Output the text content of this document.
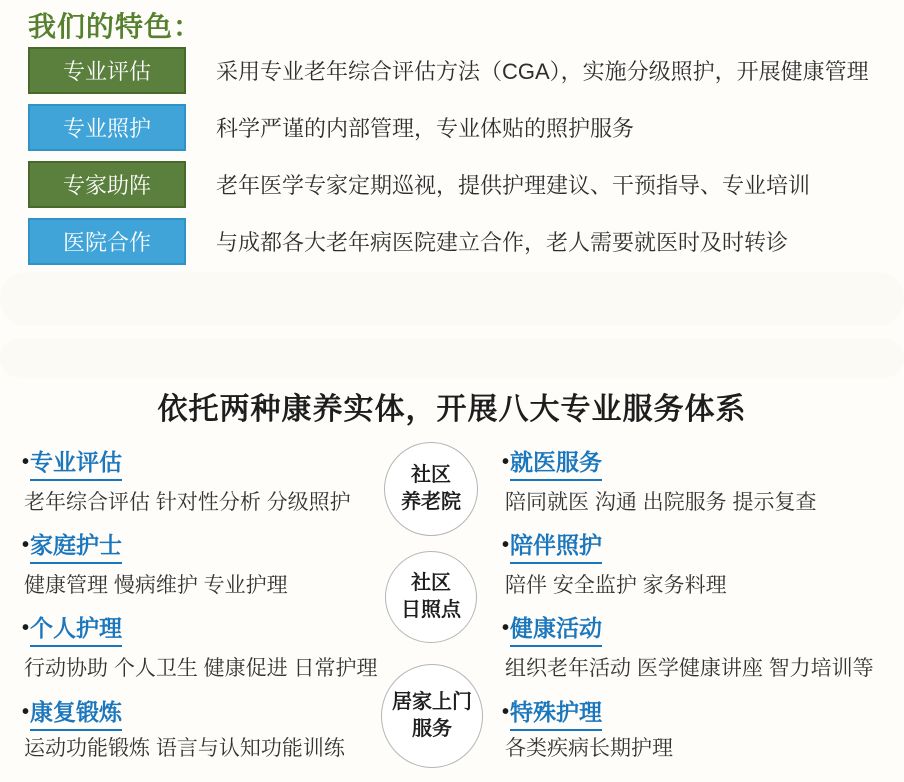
我们的特色：
专业评估	采用专业老年综合评估方法（CGA），实施分级照护，开展健康管理
专业照护	科学严谨的内部管理，专业体贴的照护服务
专家助阵	老年医学专家定期巡视，提供护理建议、干预指导、专业培训
医院合作	与成都各大老年病医院建立合作，老人需要就医时及时转诊
依托两种康养实体，开展八大专业服务体系
•专业评估
老年综合评估 针对性分析 分级照护
•家庭护士
健康管理 慢病维护 专业护理
•个人护理
行动协助 个人卫生 健康促进 日常护理
•康复锻炼
运动功能锻炼 语言与认知功能训练
社区
养老院
社区
日照点
居家上门
服务
•就医服务
陪同就医 沟通 出院服务 提示复查
•陪伴照护
陪伴 安全监护 家务料理
•健康活动
组织老年活动 医学健康讲座 智力培训等
•特殊护理
各类疾病长期护理
